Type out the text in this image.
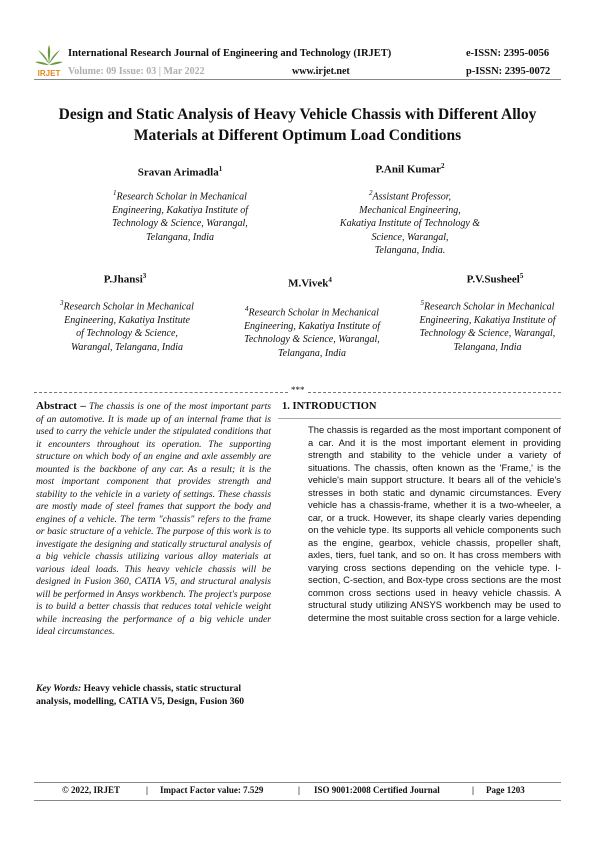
IRJET
International Research Journal of Engineering and Technology (IRJET)
Volume: 09 Issue: 03 | Mar 2022	www.irjet.net
e-ISSN: 2395-0056
p-ISSN: 2395-0072
Design and Static Analysis of Heavy Vehicle Chassis with Different Alloy
Materials at Different Optimum Load Conditions
Sravan Arimadla$^1$
$^1$Research Scholar in Mechanical
Engineering, Kakatiya Institute of
Technology & Science, Warangal,
Telangana, India
P.Anil Kumar$^2$
$^2$Assistant Professor,
Mechanical Engineering,
Kakatiya Institute of Technology &
Science, Warangal,
Telangana, India.
P.Jhansi$^3$
$^3$Research Scholar in Mechanical
Engineering, Kakatiya Institute
of Technology & Science,
Warangal, Telangana, India
M.Vivek$^4$
$^4$Research Scholar in Mechanical
Engineering, Kakatiya Institute of
Technology & Science, Warangal,
Telangana, India
P.V.Susheel$^5$
$^5$Research Scholar in Mechanical
Engineering, Kakatiya Institute of
Technology & Science, Warangal,
Telangana, India
***
Abstract – The chassis is one of the most important parts of an automotive. It is made up of an internal frame that is used to carry the vehicle under the stipulated conditions that it encounters throughout its operation. The supporting structure on which body of an engine and axle assembly are mounted is the backbone of any car. As a result; it is the most important component that provides strength and stability to the vehicle in a variety of settings. These chassis are mostly made of steel frames that support the body and engines of a vehicle. The term "chassis" refers to the frame or basic structure of a vehicle. The purpose of this work is to investigate the designing and statically structural analysis of a big vehicle chassis utilizing various alloy materials at various ideal loads. This heavy vehicle chassis will be designed in Fusion 360, CATIA V5, and structural analysis will be performed in Ansys workbench. The project's purpose is to build a better chassis that reduces total vehicle weight while increasing the performance of a big vehicle under ideal circumstances.
Key Words: Heavy vehicle chassis, static structural analysis, modelling, CATIA V5, Design, Fusion 360
1. INTRODUCTION
The chassis is regarded as the most important component of a car. And it is the most important element in providing strength and stability to the vehicle under a variety of situations. The chassis, often known as the 'Frame,' is the vehicle's main support structure. It bears all of the vehicle's stresses in both static and dynamic circumstances. Every vehicle has a chassis-frame, whether it is a two-wheeler, a car, or a truck. However, its shape clearly varies depending on the vehicle type. Its supports all vehicle components such as the engine, gearbox, vehicle chassis, propeller shaft, axles, tiers, fuel tank, and so on. It has cross members with varying cross sections depending on the vehicle type. I-section, C-section, and Box-type cross sections are the most common cross sections used in heavy vehicle chassis. A structural study utilizing ANSYS workbench may be used to determine the most suitable cross section for a large vehicle.
© 2022, IRJET	| Impact Factor value: 7.529	| ISO 9001:2008 Certified Journal	| Page 1203
